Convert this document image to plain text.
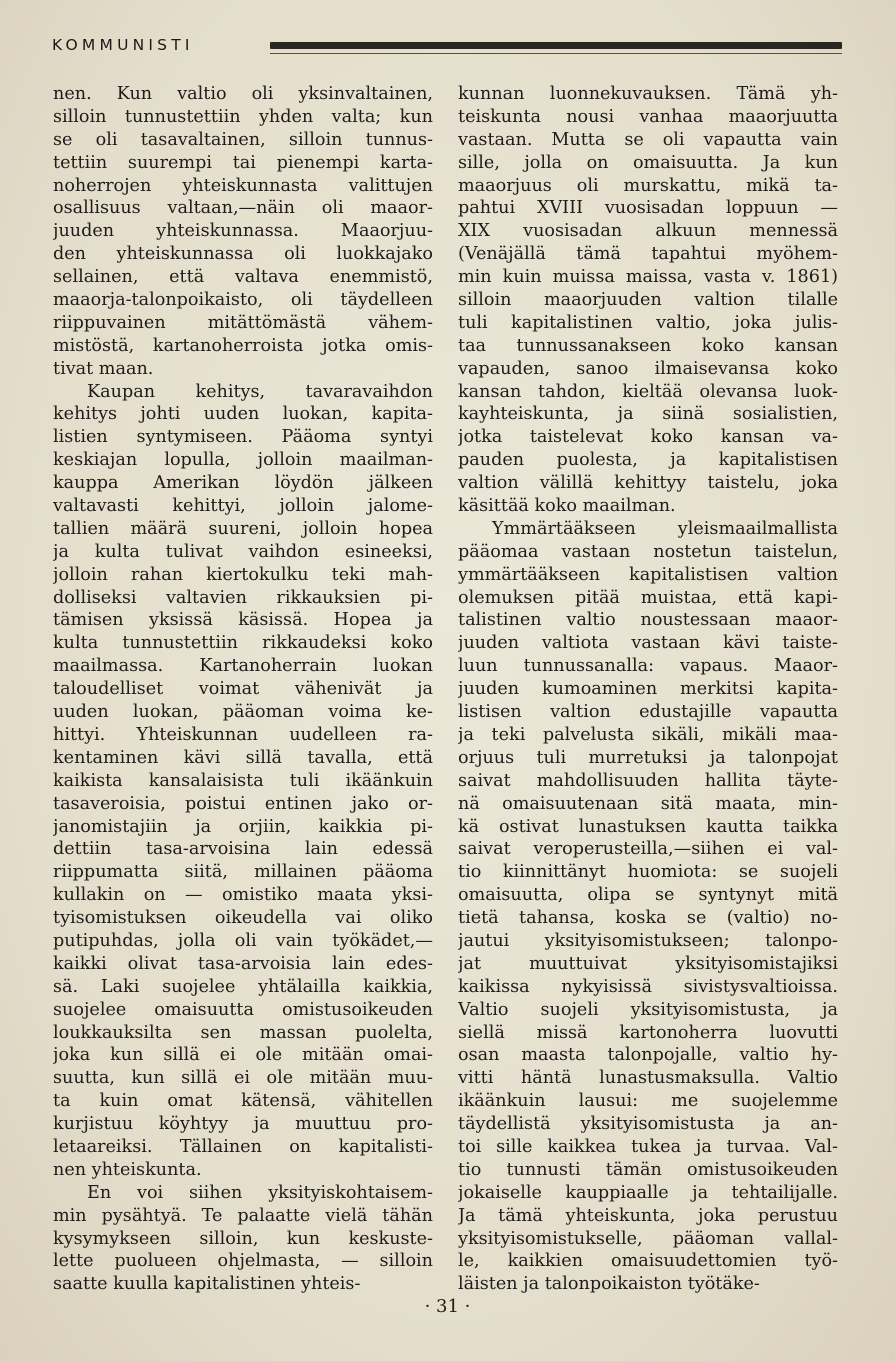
KOMMUNISTI
nen. Kun valtio oli yksinvaltainen,
silloin tunnustettiin yhden valta; kun
se oli tasavaltainen, silloin tunnus-
tettiin suurempi tai pienempi karta-
noherrojen yhteiskunnasta valittujen
osallisuus valtaan,—näin oli maaor-
juuden yhteiskunnassa. Maaorjuu-
den yhteiskunnassa oli luokkajako
sellainen, että valtava enemmistö,
maaorja-talonpoikaisto, oli täydelleen
riippuvainen mitättömästä vähem-
mistöstä, kartanoherroista jotka omis-
tivat maan.
Kaupan kehitys, tavaravaihdon
kehitys johti uuden luokan, kapita-
listien syntymiseen. Pääoma syntyi
keskiajan lopulla, jolloin maailman-
kauppa Amerikan löydön jälkeen
valtavasti kehittyi, jolloin jalome-
tallien määrä suureni, jolloin hopea
ja kulta tulivat vaihdon esineeksi,
jolloin rahan kiertokulku teki mah-
dolliseksi valtavien rikkauksien pi-
tämisen yksissä käsissä. Hopea ja
kulta tunnustettiin rikkaudeksi koko
maailmassa. Kartanoherrain luokan
taloudelliset voimat vähenivät ja
uuden luokan, pääoman voima ke-
hittyi. Yhteiskunnan uudelleen ra-
kentaminen kävi sillä tavalla, että
kaikista kansalaisista tuli ikäänkuin
tasaveroisia, poistui entinen jako or-
janomistajiin ja orjiin, kaikkia pi-
dettiin tasa-arvoisina lain edessä
riippumatta siitä, millainen pääoma
kullakin on — omistiko maata yksi-
tyisomistuksen oikeudella vai oliko
putipuhdas, jolla oli vain työkädet,—
kaikki olivat tasa-arvoisia lain edes-
sä. Laki suojelee yhtälailla kaikkia,
suojelee omaisuutta omistusoikeuden
loukkauksilta sen massan puolelta,
joka kun sillä ei ole mitään omai-
suutta, kun sillä ei ole mitään muu-
ta kuin omat kätensä, vähitellen
kurjistuu köyhtyy ja muuttuu pro-
letaareiksi. Tällainen on kapitalisti-
nen yhteiskunta.
En voi siihen yksityiskohtaisem-
min pysähtyä. Te palaatte vielä tähän
kysymykseen silloin, kun keskuste-
lette puolueen ohjelmasta, — silloin
saatte kuulla kapitalistinen yhteis-
kunnan luonnekuvauksen. Tämä yh-
teiskunta nousi vanhaa maaorjuutta
vastaan. Mutta se oli vapautta vain
sille, jolla on omaisuutta. Ja kun
maaorjuus oli murskattu, mikä ta-
pahtui XVIII vuosisadan loppuun —
XIX vuosisadan alkuun mennessä
(Venäjällä tämä tapahtui myöhem-
min kuin muissa maissa, vasta v. 1861)
silloin maaorjuuden valtion tilalle
tuli kapitalistinen valtio, joka julis-
taa tunnussanakseen koko kansan
vapauden, sanoo ilmaisevansa koko
kansan tahdon, kieltää olevansa luok-
kayhteiskunta, ja siinä sosialistien,
jotka taistelevat koko kansan va-
pauden puolesta, ja kapitalistisen
valtion välillä kehittyy taistelu, joka
käsittää koko maailman.
Ymmärtääkseen yleismaailmallista
pääomaa vastaan nostetun taistelun,
ymmärtääkseen kapitalistisen valtion
olemuksen pitää muistaa, että kapi-
talistinen valtio noustessaan maaor-
juuden valtiota vastaan kävi taiste-
luun tunnussanalla: vapaus. Maaor-
juuden kumoaminen merkitsi kapita-
listisen valtion edustajille vapautta
ja teki palvelusta sikäli, mikäli maa-
orjuus tuli murretuksi ja talonpojat
saivat mahdollisuuden hallita täyte-
nä omaisuutenaan sitä maata, min-
kä ostivat lunastuksen kautta taikka
saivat veroperusteilla,—siihen ei val-
tio kiinnittänyt huomiota: se suojeli
omaisuutta, olipa se syntynyt mitä
tietä tahansa, koska se (valtio) no-
jautui yksityisomistukseen; talonpo-
jat muuttuivat yksityisomistajiksi
kaikissa nykyisissä sivistysvaltioissa.
Valtio suojeli yksityisomistusta, ja
siellä missä kartonoherra luovutti
osan maasta talonpojalle, valtio hy-
vitti häntä lunastusmaksulla. Valtio
ikäänkuin lausui: me suojelemme
täydellistä yksityisomistusta ja an-
toi sille kaikkea tukea ja turvaa. Val-
tio tunnusti tämän omistusoikeuden
jokaiselle kauppiaalle ja tehtailijalle.
Ja tämä yhteiskunta, joka perustuu
yksityisomistukselle, pääoman vallal-
le, kaikkien omaisuudettomien työ-
läisten ja talonpoikaiston työtäke-
· 31 ·
